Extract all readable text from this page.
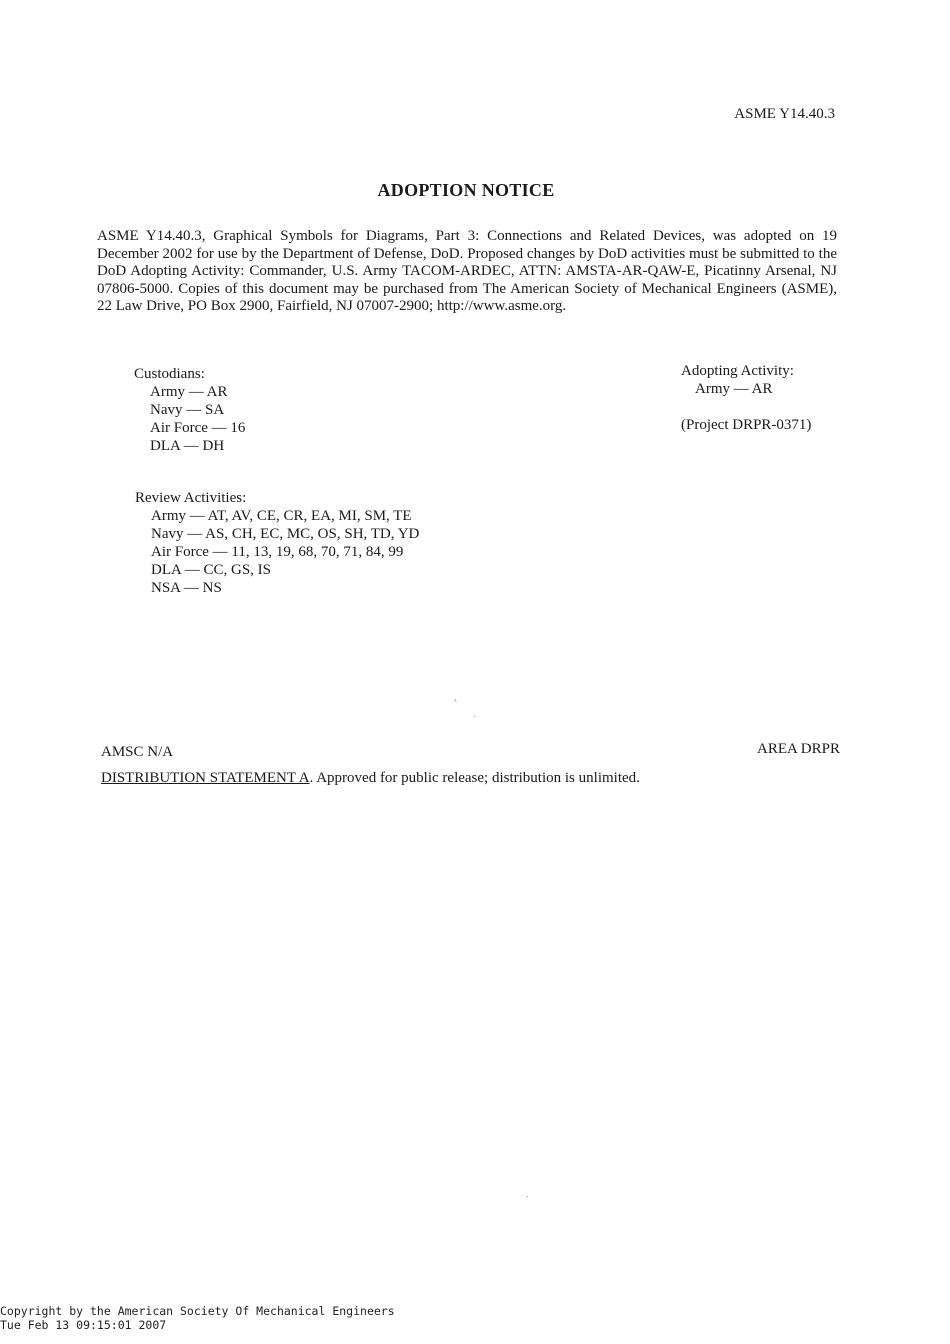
ASME Y14.40.3
ADOPTION NOTICE

ASME Y14.40.3, Graphical Symbols for Diagrams, Part 3: Connections and Related Devices, was adopted on 19 December 2002 for use by the Department of Defense, DoD. Proposed changes by DoD activities must be submitted to the DoD Adopting Activity: Commander, U.S. Army TACOM-ARDEC, ATTN: AMSTA-AR-QAW-E, Picatinny Arsenal, NJ 07806-5000. Copies of this document may be purchased from The American Society of Mechanical Engineers (ASME), 22 Law Drive, PO Box 2900, Fairfield, NJ 07007-2900; http://www.asme.org.

Custodians:
Army — AR
Navy — SA
Air Force — 16
DLA — DH
Adopting Activity:
Army — AR
(Project DRPR-0371)
Review Activities:
Army — AT, AV, CE, CR, EA, MI, SM, TE
Navy — AS, CH, EC, MC, OS, SH, TD, YD
Air Force — 11, 13, 19, 68, 70, 71, 84, 99
DLA — CC, GS, IS
NSA — NS
AMSC N/A	AREA DRPR
DISTRIBUTION STATEMENT A. Approved for public release; distribution is unlimited.
Copyright by the American Society Of Mechanical Engineers
Tue Feb 13 09:15:01 2007
